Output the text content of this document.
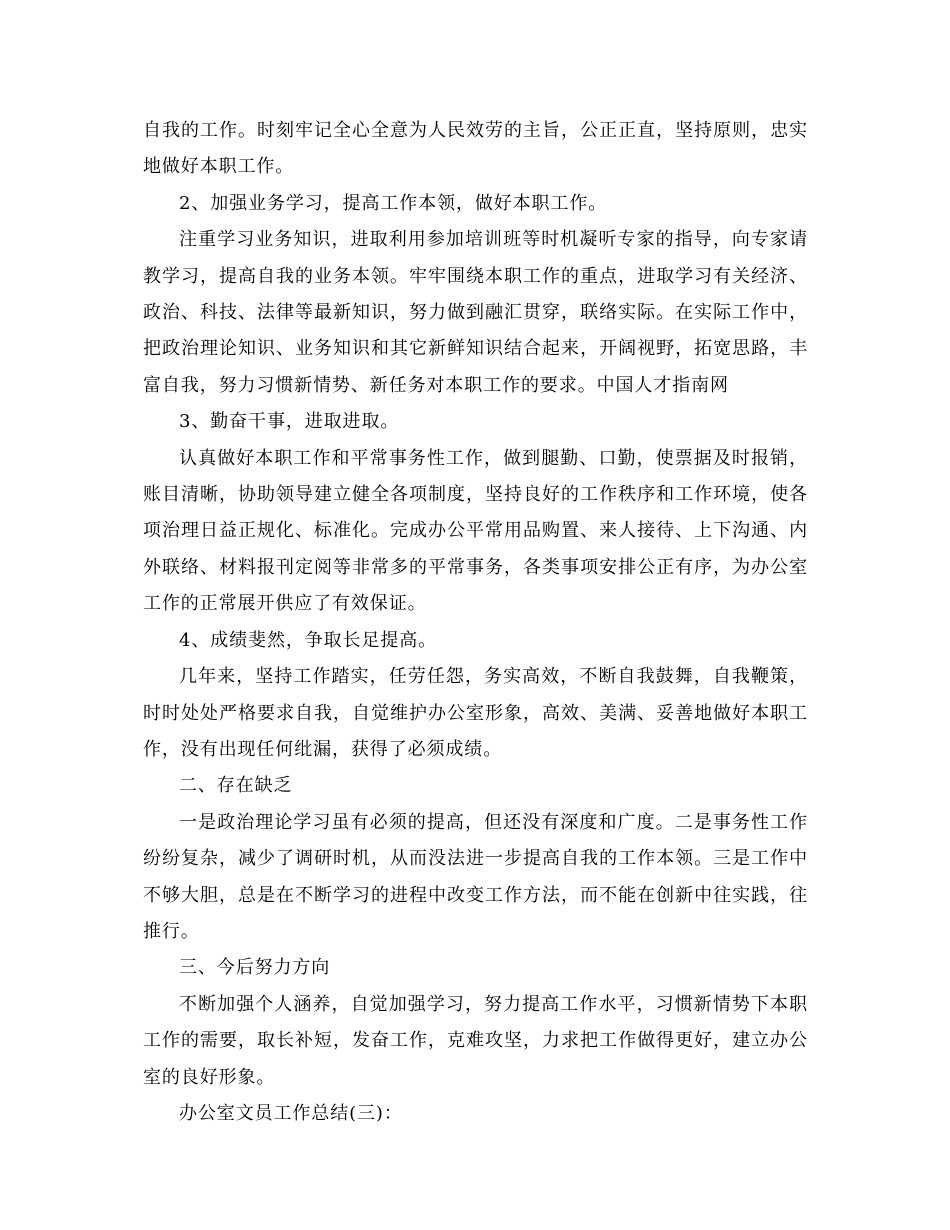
自我的工作。时刻牢记全心全意为人民效劳的主旨，公正正直，坚持原则，忠实地做好本职工作。

2、加强业务学习，提高工作本领，做好本职工作。

注重学习业务知识，进取利用参加培训班等时机凝听专家的指导，向专家请教学习，提高自我的业务本领。牢牢围绕本职工作的重点，进取学习有关经济、政治、科技、法律等最新知识，努力做到融汇贯穿，联络实际。在实际工作中，把政治理论知识、业务知识和其它新鲜知识结合起来，开阔视野，拓宽思路，丰富自我，努力习惯新情势、新任务对本职工作的要求。中国人才指南网

3、勤奋干事，进取进取。

认真做好本职工作和平常事务性工作，做到腿勤、口勤，使票据及时报销，账目清晰，协助领导建立健全各项制度，坚持良好的工作秩序和工作环境，使各项治理日益正规化、标准化。完成办公平常用品购置、来人接待、上下沟通、内外联络、材料报刊定阅等非常多的平常事务，各类事项安排公正有序，为办公室工作的正常展开供应了有效保证。

4、成绩斐然，争取长足提高。

几年来，坚持工作踏实，任劳任怨，务实高效，不断自我鼓舞，自我鞭策，时时处处严格要求自我，自觉维护办公室形象，高效、美满、妥善地做好本职工作，没有出现任何纰漏，获得了必须成绩。

二、存在缺乏

一是政治理论学习虽有必须的提高，但还没有深度和广度。二是事务性工作纷纷复杂，减少了调研时机，从而没法进一步提高自我的工作本领。三是工作中不够大胆，总是在不断学习的进程中改变工作方法，而不能在创新中往实践，往推行。

三、今后努力方向

不断加强个人涵养，自觉加强学习，努力提高工作水平，习惯新情势下本职工作的需要，取长补短，发奋工作，克难攻坚，力求把工作做得更好，建立办公室的良好形象。

办公室文员工作总结(三)：
